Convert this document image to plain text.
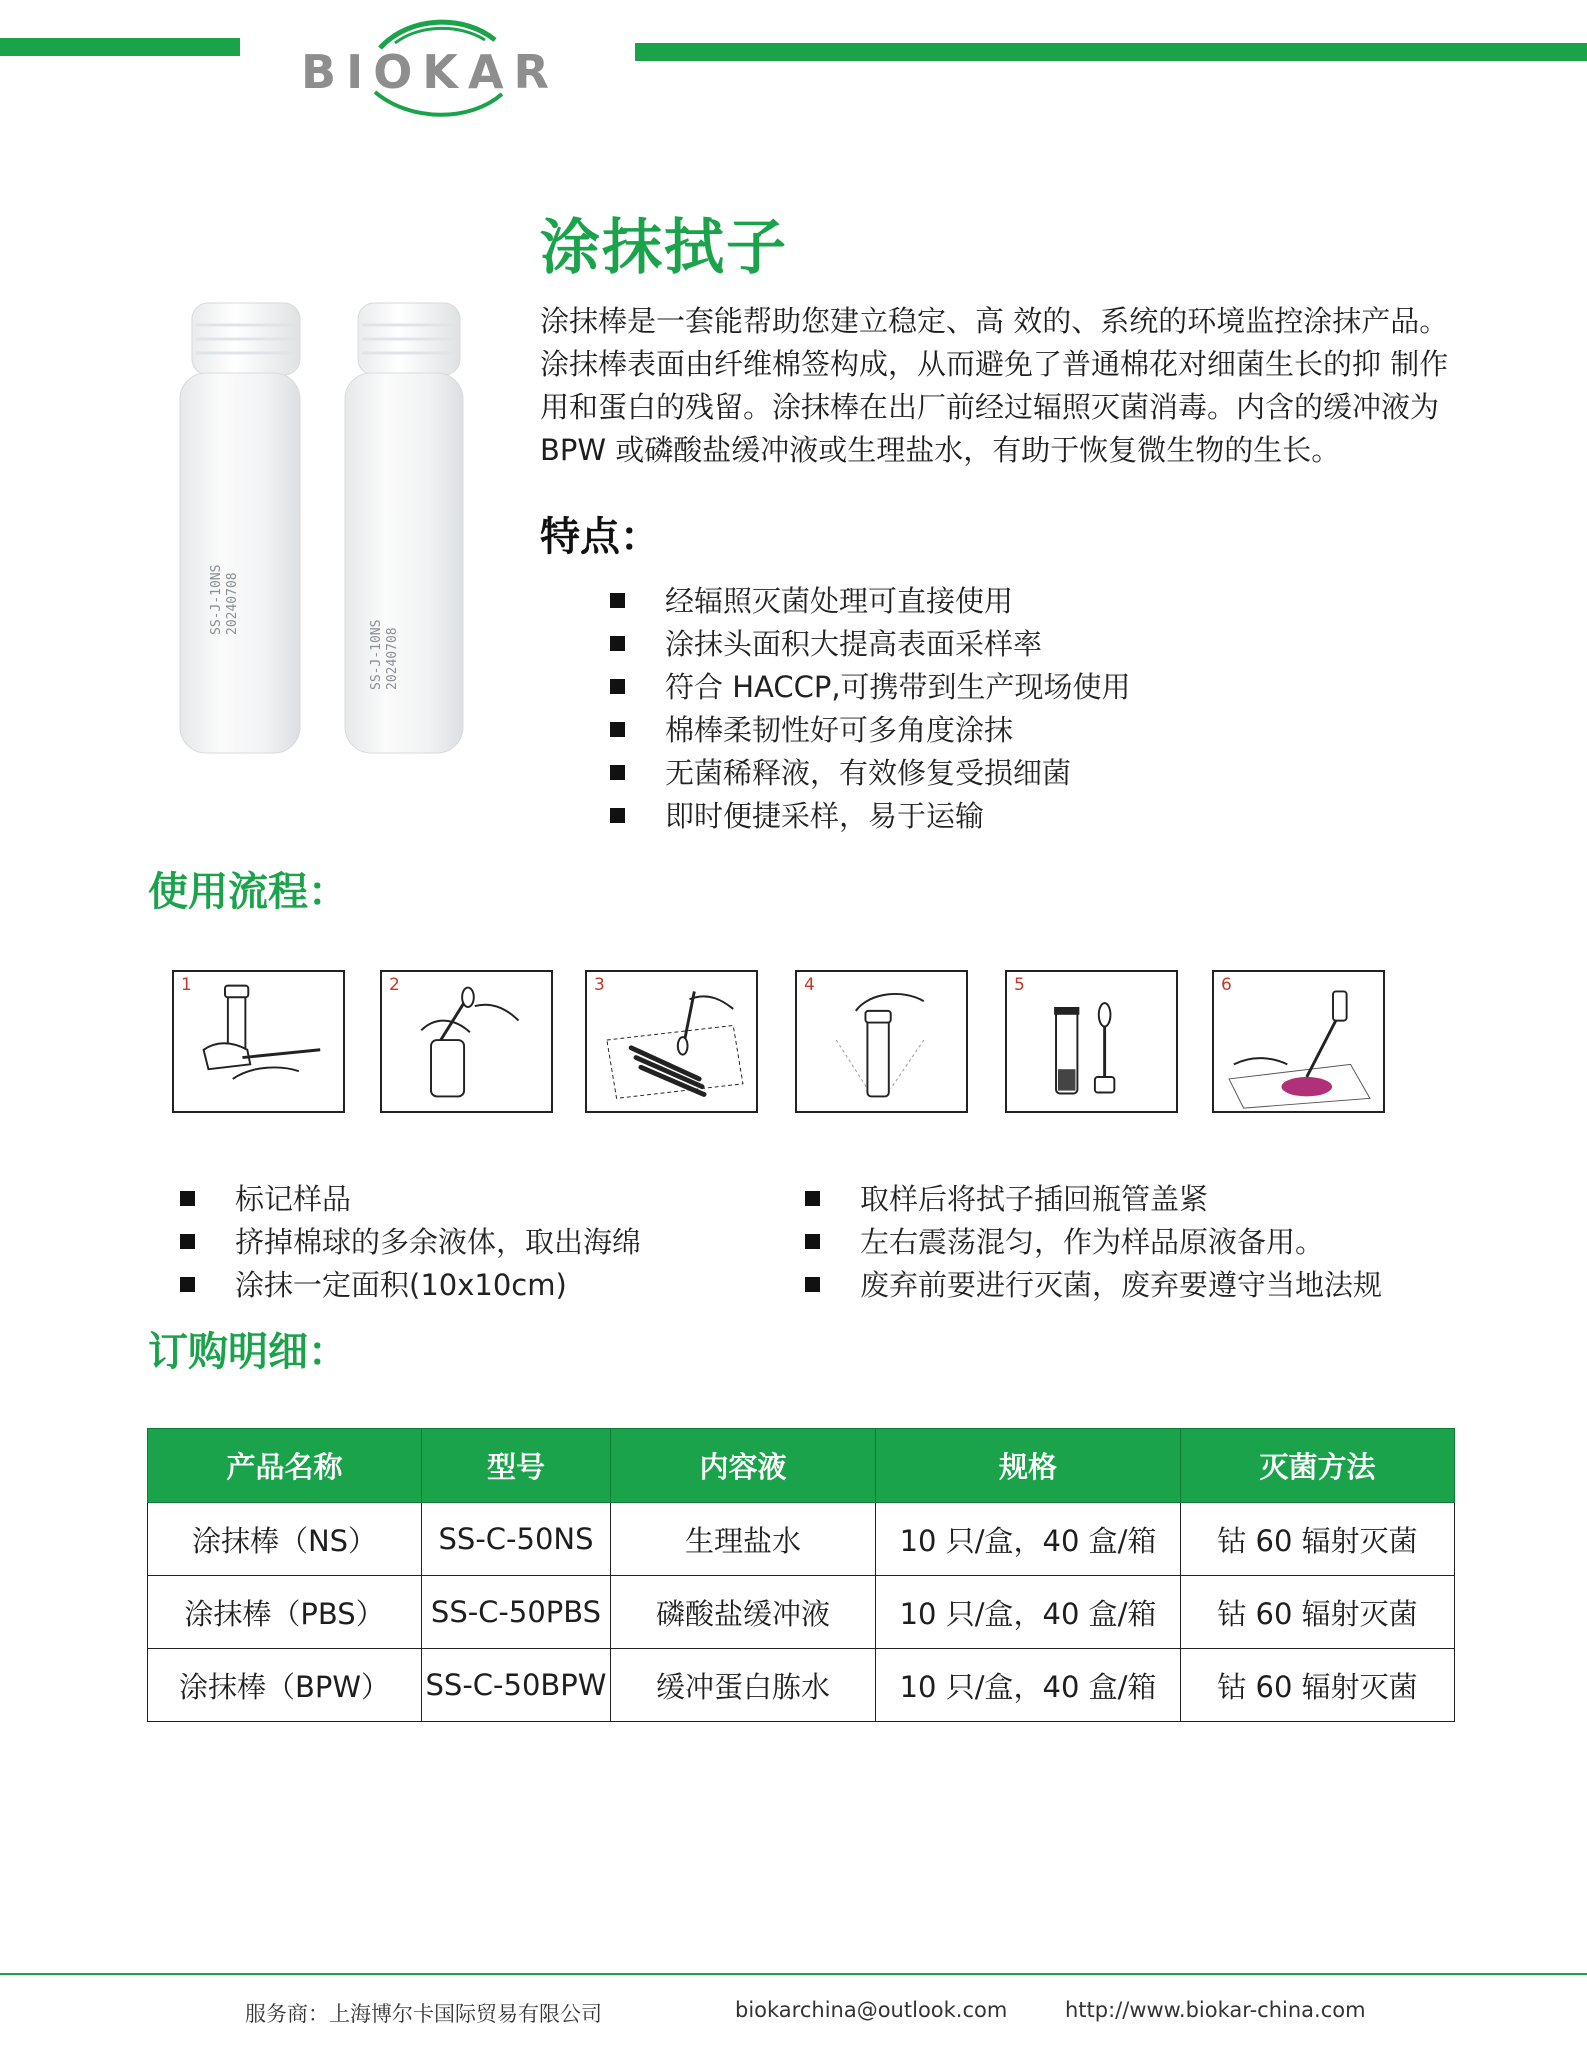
BIOKAR
SS-J-10NS 20240708
SS-J-10NS 20240708
涂抹拭子

涂抹棒是一套能帮助您建立稳定、高 效的、系统的环境监控涂抹产品。涂抹棒表面由纤维棉签构成，从而避免了普通棉花对细菌生长的抑 制作用和蛋白的残留。涂抹棒在出厂前经过辐照灭菌消毒。内含的缓冲液为 BPW 或磷酸盐缓冲液或生理盐水，有助于恢复微生物的生长。

特点：
经辐照灭菌处理可直接使用
涂抹头面积大提高表面采样率
符合 HACCP,可携带到生产现场使用
棉棒柔韧性好可多角度涂抹
无菌稀释液，有效修复受损细菌
即时便捷采样，易于运输
使用流程：
1	2	3	4	5	6
标记样品
挤掉棉球的多余液体，取出海绵
涂抹一定面积(10x10cm)
取样后将拭子插回瓶管盖紧
左右震荡混匀，作为样品原液备用。
废弃前要进行灭菌，废弃要遵守当地法规
订购明细：
产品名称	型号	内容液	规格	灭菌方法
涂抹棒（NS）	SS-C-50NS	生理盐水	10 只/盒，40 盒/箱	钴 60 辐射灭菌
涂抹棒（PBS）	SS-C-50PBS	磷酸盐缓冲液	10 只/盒，40 盒/箱	钴 60 辐射灭菌
涂抹棒（BPW）	SS-C-50BPW	缓冲蛋白胨水	10 只/盒，40 盒/箱	钴 60 辐射灭菌
服务商：上海博尔卡国际贸易有限公司	biokarchina@outlook.com	http://www.biokar-china.com
